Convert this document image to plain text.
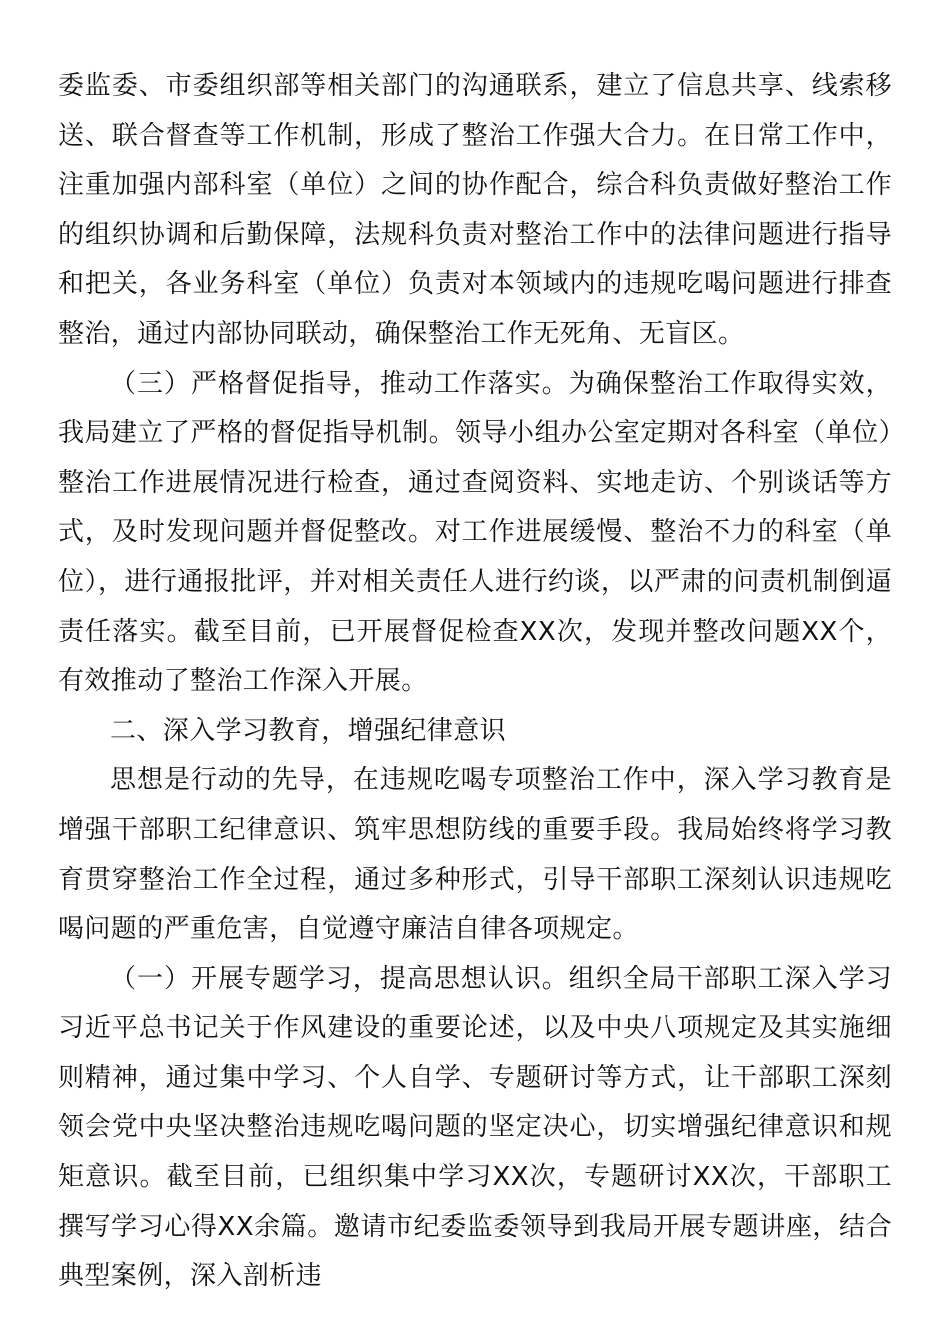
委监委、市委组织部等相关部门的沟通联系，建立了信息共享、线索移送、联合督查等工作机制，形成了整治工作强大合力。在日常工作中，注重加强内部科室（单位）之间的协作配合，综合科负责做好整治工作的组织协调和后勤保障，法规科负责对整治工作中的法律问题进行指导和把关，各业务科室（单位）负责对本领域内的违规吃喝问题进行排查整治，通过内部协同联动，确保整治工作无死角、无盲区。

（三）严格督促指导，推动工作落实。为确保整治工作取得实效，我局建立了严格的督促指导机制。领导小组办公室定期对各科室（单位）整治工作进展情况进行检查，通过查阅资料、实地走访、个别谈话等方式，及时发现问题并督促整改。对工作进展缓慢、整治不力的科室（单位），进行通报批评，并对相关责任人进行约谈，以严肃的问责机制倒逼责任落实。截至目前，已开展督促检查XX次，发现并整改问题XX个，有效推动了整治工作深入开展。

二、深入学习教育，增强纪律意识

思想是行动的先导，在违规吃喝专项整治工作中，深入学习教育是增强干部职工纪律意识、筑牢思想防线的重要手段。我局始终将学习教育贯穿整治工作全过程，通过多种形式，引导干部职工深刻认识违规吃喝问题的严重危害，自觉遵守廉洁自律各项规定。

（一）开展专题学习，提高思想认识。组织全局干部职工深入学习习近平总书记关于作风建设的重要论述，以及中央八项规定及其实施细则精神，通过集中学习、个人自学、专题研讨等方式，让干部职工深刻领会党中央坚决整治违规吃喝问题的坚定决心，切实增强纪律意识和规矩意识。截至目前，已组织集中学习XX次，专题研讨XX次，干部职工撰写学习心得XX余篇。邀请市纪委监委领导到我局开展专题讲座，结合典型案例，深入剖析违
